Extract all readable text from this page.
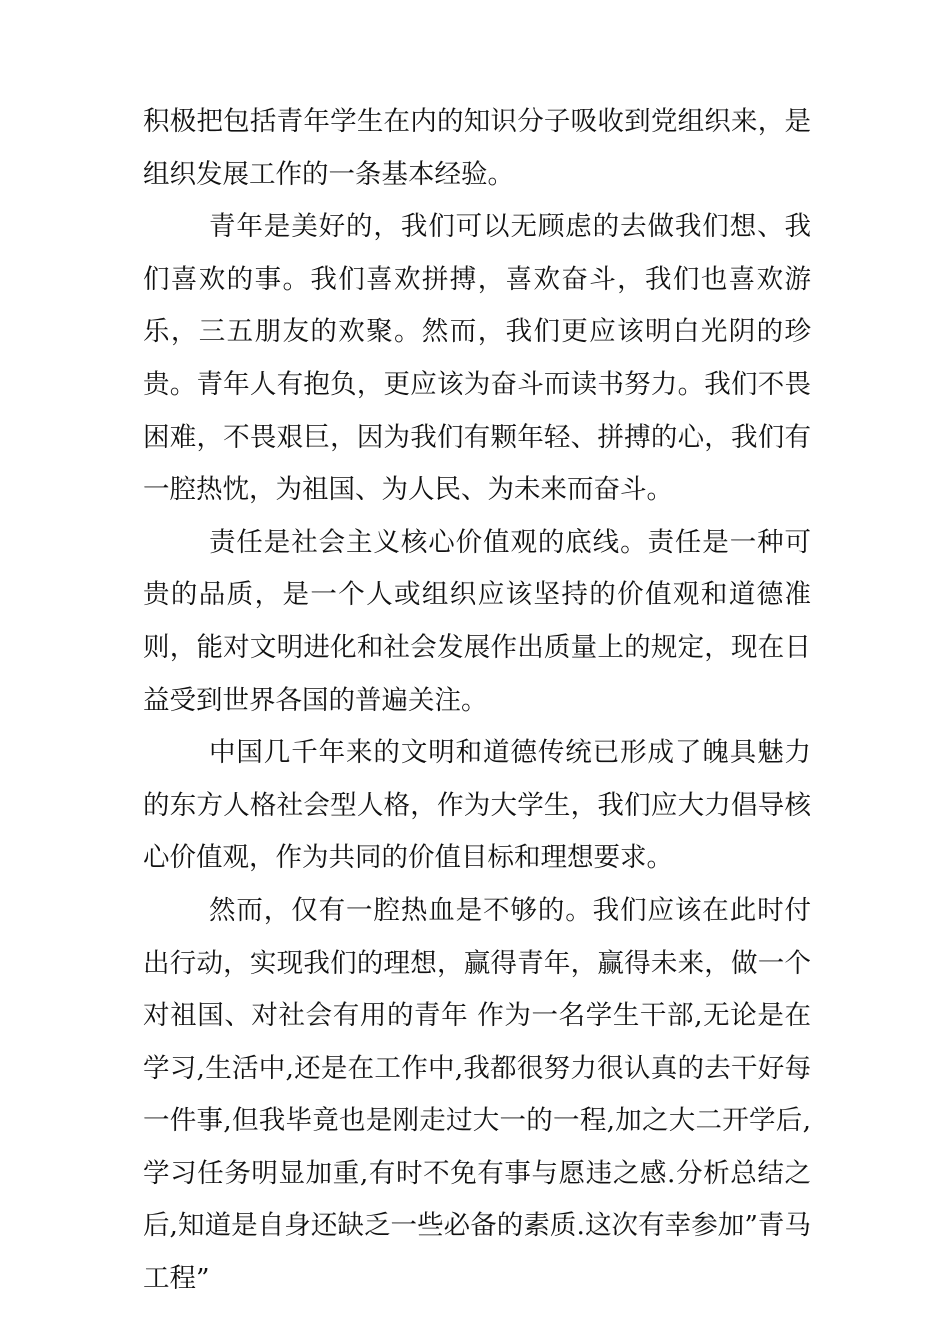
积极把包括青年学生在内的知识分子吸收到党组织来，是组织发展工作的一条基本经验。

青年是美好的，我们可以无顾虑的去做我们想、我们喜欢的事。我们喜欢拼搏，喜欢奋斗，我们也喜欢游乐，三五朋友的欢聚。然而，我们更应该明白光阴的珍贵。青年人有抱负，更应该为奋斗而读书努力。我们不畏困难，不畏艰巨，因为我们有颗年轻、拼搏的心，我们有一腔热忱，为祖国、为人民、为未来而奋斗。

责任是社会主义核心价值观的底线。责任是一种可贵的品质，是一个人或组织应该坚持的价值观和道德准则，能对文明进化和社会发展作出质量上的规定，现在日益受到世界各国的普遍关注。

中国几千年来的文明和道德传统已形成了魄具魅力的东方人格社会型人格，作为大学生，我们应大力倡导核心价值观，作为共同的价值目标和理想要求。

然而，仅有一腔热血是不够的。我们应该在此时付出行动，实现我们的理想，赢得青年，赢得未来，做一个对祖国、对社会有用的青年 作为一名学生干部,无论是在学习,生活中,还是在工作中,我都很努力很认真的去干好每一件事,但我毕竟也是刚走过大一的一程,加之大二开学后,学习任务明显加重,有时不免有事与愿违之感.分析总结之后,知道是自身还缺乏一些必备的素质.这次有幸参加”青马工程”
